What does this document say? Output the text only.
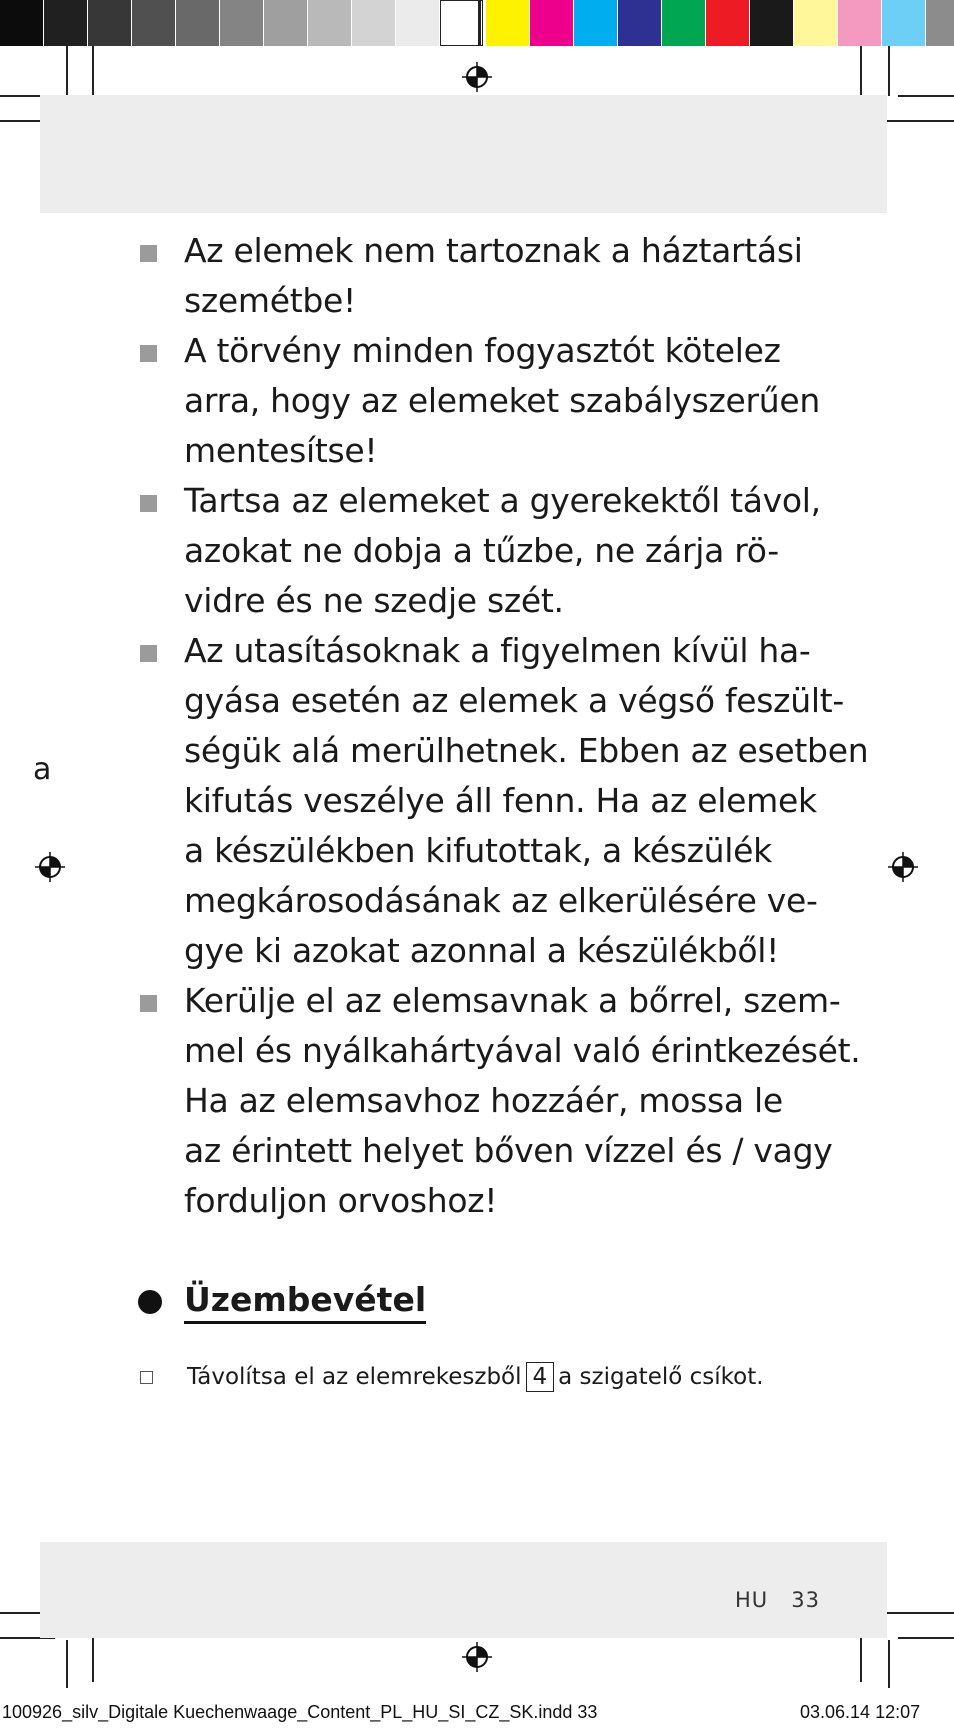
a
Az elemek nem tartoznak a háztartási
szemétbe!
A törvény minden fogyasztót kötelez
arra, hogy az elemeket szabályszerűen
mentesítse!
Tartsa az elemeket a gyerekektől távol,
azokat ne dobja a tűzbe, ne zárja rö-
vidre és ne szedje szét.
Az utasításoknak a figyelmen kívül ha-
gyása esetén az elemek a végső feszült-
ségük alá merülhetnek. Ebben az esetben
kifutás veszélye áll fenn. Ha az elemek
a készülékben kifutottak, a készülék
megkárosodásának az elkerülésére ve-
gye ki azokat azonnal a készülékből!
Kerülje el az elemsavnak a bőrrel, szem-
mel és nyálkahártyával való érintkezését.
Ha az elemsavhoz hozzáér, mossa le
az érintett helyet bőven vízzel és / vagy
forduljon orvoshoz!
Üzembevétel
Távolítsa el az elemrekeszből 4 a szigatelő csíkot.
HU 33
100926_silv_Digitale Kuechenwaage_Content_PL_HU_SI_CZ_SK.indd 33	03.06.14 12:07
